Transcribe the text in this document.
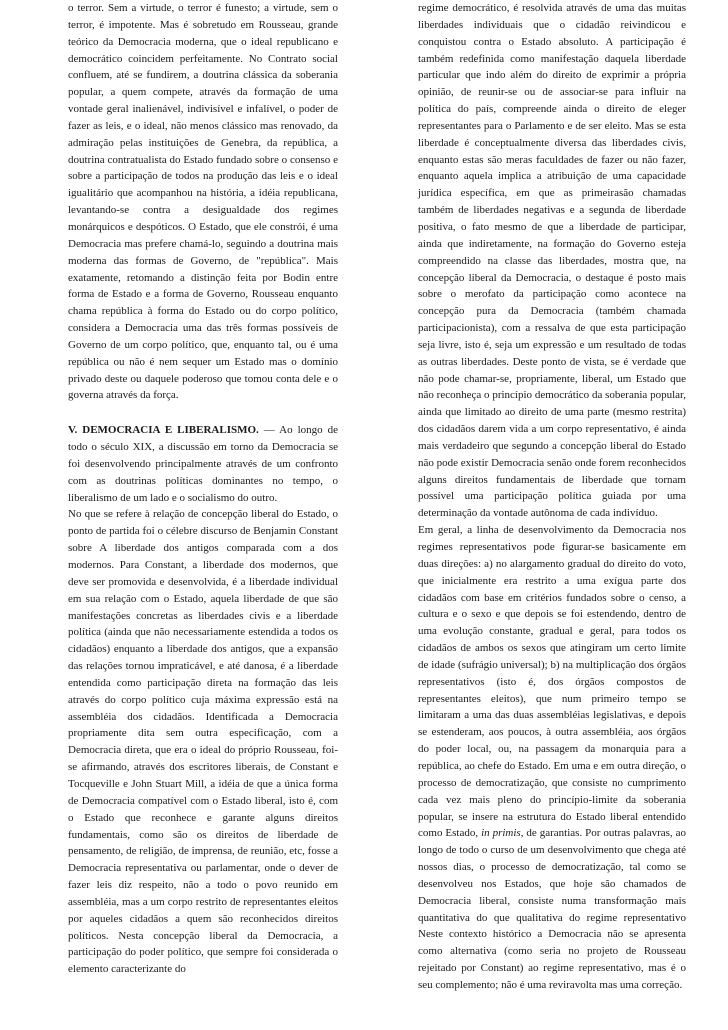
o terror. Sem a virtude, o terror é funesto; a virtude, sem o terror, é impotente. Mas é sobretudo em Rousseau, grande teórico da Democracia moderna, que o ideal republicano e democrático coincidem perfeitamente. No Contrato social confluem, até se fundirem, a doutrina clássica da soberania popular, a quem compete, através da formação de uma vontade geral inalienável, indivisível e infalível, o poder de fazer as leis, e o ideal, não menos clássico mas renovado, da admiração pelas instituições de Genebra, da república, a doutrina contratualista do Estado fundado sobre o consenso e sobre a participação de todos na produção das leis e o ideal igualitário que acompanhou na história, a idéia republicana, levantando-se contra a desigualdade dos regimes monárquicos e despóticos. O Estado, que ele constrói, é uma Democracia mas prefere chamá-lo, seguindo a doutrina mais moderna das formas de Governo, de "república". Mais exatamente, retomando a distinção feita por Bodin entre forma de Estado e a forma de Governo, Rousseau enquanto chama república à forma do Estado ou do corpo político, considera a Democracia uma das três formas possíveis de Governo de um corpo político, que, enquanto tal, ou é uma república ou não é nem sequer um Estado mas o domínio privado deste ou daquele poderoso que tomou conta dele e o governa através da força.

V. DEMOCRACIA E LIBERALISMO. — Ao longo de todo o século XIX, a discussão em torno da Democracia se foi desenvolvendo principalmente através de um confronto com as doutrinas políticas dominantes no tempo, o liberalismo de um lado e o socialismo do outro.

No que se refere à relação de concepção liberal do Estado, o ponto de partida foi o célebre discurso de Benjamin Constant sobre A liberdade dos antigos comparada com a dos modernos. Para Constant, a liberdade dos modernos, que deve ser promovida e desenvolvida, é a liberdade individual em sua relação com o Estado, aquela liberdade de que são manifestações concretas as liberdades civis e a liberdade política (ainda que não necessariamente estendida a todos os cidadãos) enquanto a liberdade dos antigos, que a expansão das relações tornou impraticável, e até danosa, é a liberdade entendida como participação direta na formação das leis através do corpo político cuja máxima expressão está na assembléia dos cidadãos. Identificada a Democracia propriamente dita sem outra especificação, com a Democracia direta, que era o ideal do próprio Rousseau, foi-se afirmando, através dos escritores liberais, de Constant e Tocqueville e John Stuart Mill, a idéia de que a única forma de Democracia compatível com o Estado liberal, isto é, com o Estado que reconhece e garante alguns direitos fundamentais, como são os direitos de liberdade de pensamento, de religião, de imprensa, de reunião, etc, fosse a Democracia representativa ou parlamentar, onde o dever de fazer leis diz respeito, não a todo o povo reunido em assembléia, mas a um corpo restrito de representantes eleitos por aqueles cidadãos a quem são reconhecidos direitos políticos. Nesta concepção liberal da Democracia, a participação do poder político, que sempre foi considerada o elemento caracterizante do

regime democrático, é resolvida através de uma das muitas liberdades individuais que o cidadão reivindicou e conquistou contra o Estado absoluto. A participação é também redefinida como manifestação daquela liberdade particular que indo além do direito de exprimir a própria opinião, de reunir-se ou de associar-se para influir na política do país, compreende ainda o direito de eleger representantes para o Parlamento e de ser eleito. Mas se esta liberdade é conceptualmente diversa das liberdades civis, enquanto estas são meras faculdades de fazer ou não fazer, enquanto aquela implica a atribuição de uma capacidade jurídica específica, em que as primeirasão chamadas também de liberdades negativas e a segunda de liberdade positiva, o fato mesmo de que a liberdade de participar, ainda que indiretamente, na formação do Governo esteja compreendido na classe das liberdades, mostra que, na concepção liberal da Democracia, o destaque é posto mais sobre o merofato da participação como acontece na concepção pura da Democracia (também chamada participacionista), com a ressalva de que esta participação seja livre, isto é, seja um expressão e um resultado de todas as outras liberdades. Deste ponto de vista, se é verdade que não pode chamar-se, propriamente, liberal, um Estado que não reconheça o princípio democrático da soberania popular, ainda que limitado ao direito de uma parte (mesmo restrita) dos cidadãos darem vida a um corpo representativo, é ainda mais verdadeiro que segundo a concepção liberal do Estado não pode existir Democracia senão onde forem reconhecidos alguns direitos fundamentais de liberdade que tornam possível uma participação política guiada por uma determinação da vontade autônoma de cada indivíduo.

Em geral, a linha de desenvolvimento da Democracia nos regimes representativos pode figurar-se basicamente em duas direções: a) no alargamento gradual do direito do voto, que inicialmente era restrito a uma exígua parte dos cidadãos com base em critérios fundados sobre o censo, a cultura e o sexo e que depois se foi estendendo, dentro de uma evolução constante, gradual e geral, para todos os cidadãos de ambos os sexos que atingiram um certo limite de idade (sufrágio universal); b) na multiplicação dos órgãos representativos (isto é, dos órgãos compostos de representantes eleitos), que num primeiro tempo se limitaram a uma das duas assembléias legislativas, e depois se estenderam, aos poucos, à outra assembléia, aos órgãos do poder local, ou, na passagem da monarquia para a república, ao chefe do Estado. Em uma e em outra direção, o processo de democratização, que consiste no cumprimento cada vez mais pleno do princípio-limite da soberania popular, se insere na estrutura do Estado liberal entendido como Estado, in primis, de garantias. Por outras palavras, ao longo de todo o curso de um desenvolvimento que chega até nossos dias, o processo de democratização, tal como se desenvolveu nos Estados, que hoje são chamados de Democracia liberal, consiste numa transformação mais quantitativa do que qualitativa do regime representativo Neste contexto histórico a Democracia não se apresenta como alternativa (como seria no projeto de Rousseau rejeitado por Constant) ao regime representativo, mas é o seu complemento; não é uma reviravolta mas uma correção.
